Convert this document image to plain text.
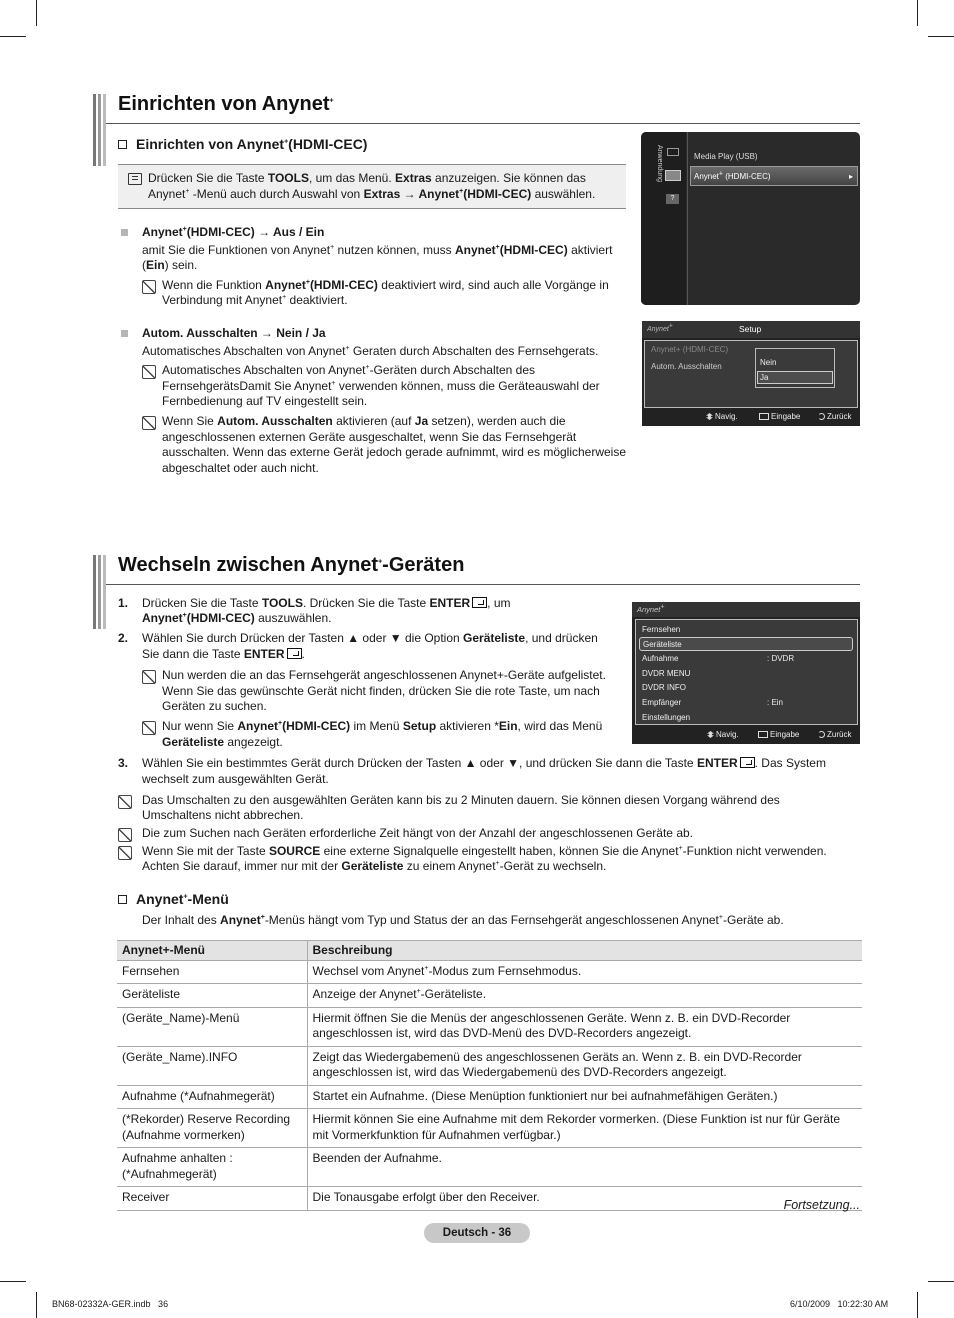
Einrichten von Anynet+
Einrichten von Anynet+(HDMI-CEC)
Drücken Sie die Taste TOOLS, um das Menü. Extras anzuzeigen. Sie können das
Anynet+ -Menü auch durch Auswahl von Extras → Anynet+(HDMI-CEC) auswählen.
Anynet+(HDMI-CEC) → Aus / Ein
amit Sie die Funktionen von Anynet+ nutzen können, muss Anynet+(HDMI-CEC) aktiviert
(Ein) sein.
Wenn die Funktion Anynet+(HDMI-CEC) deaktiviert wird, sind auch alle Vorgänge in
Verbindung mit Anynet+ deaktiviert.
Autom. Ausschalten → Nein / Ja
Automatisches Abschalten von Anynet+ Geraten durch Abschalten des Fernsehgerats.
Automatisches Abschalten von Anynet+-Geräten durch Abschalten des
FernsehgerätsDamit Sie Anynet+ verwenden können, muss die Geräteauswahl der
Fernbedienung auf TV eingestellt sein.
Wenn Sie Autom. Ausschalten aktivieren (auf Ja setzen), werden auch die
angeschlossenen externen Geräte ausgeschaltet, wenn Sie das Fernsehgerät
ausschalten. Wenn das externe Gerät jedoch gerade aufnimmt, wird es möglicherweise
abgeschaltet oder auch nicht.
Anwendung
?
Media Play (USB)
Anynet+ (HDMI-CEC)	▸
Anynet+	Setup
Anynet+ (HDMI-CEC)
Autom. Ausschalten	Nein
Ja
Navig.	Eingabe	Zurück
Wechseln zwischen Anynet+-Geräten
1. Drücken Sie die Taste TOOLS. Drücken Sie die Taste ENTER , um
Anynet+(HDMI-CEC) auszuwählen.
2. Wählen Sie durch Drücken der Tasten ▲ oder ▼ die Option Geräteliste, und drücken
Sie dann die Taste ENTER .
Nun werden die an das Fernsehgerät angeschlossenen Anynet+-Geräte aufgelistet.
Wenn Sie das gewünschte Gerät nicht finden, drücken Sie die rote Taste, um nach
Geräten zu suchen.
Nur wenn Sie Anynet+(HDMI-CEC) im Menü Setup aktivieren *Ein, wird das Menü
Geräteliste angezeigt.
3. Wählen Sie ein bestimmtes Gerät durch Drücken der Tasten ▲ oder ▼, und drücken Sie dann die Taste ENTER . Das System
wechselt zum ausgewählten Gerät.
Das Umschalten zu den ausgewählten Geräten kann bis zu 2 Minuten dauern. Sie können diesen Vorgang während des
Umschaltens nicht abbrechen.
Die zum Suchen nach Geräten erforderliche Zeit hängt von der Anzahl der angeschlossenen Geräte ab.
Wenn Sie mit der Taste SOURCE eine externe Signalquelle eingestellt haben, können Sie die Anynet+-Funktion nicht verwenden.
Achten Sie darauf, immer nur mit der Geräteliste zu einem Anynet+-Gerät zu wechseln.
Anynet+-Menü
Der Inhalt des Anynet+-Menüs hängt vom Typ und Status der an das Fernsehgerät angeschlossenen Anynet+-Geräte ab.
Anynet+
Fernsehen
Geräteliste
Aufnahme	: DVDR
DVDR MENU
DVDR INFO
Empfänger	: Ein
Einstellungen
Navig.	Eingabe	Zurück
Anynet+-Menü	Beschreibung
Fernsehen	Wechsel vom Anynet+-Modus zum Fernsehmodus.
Geräteliste	Anzeige der Anynet+-Geräteliste.
(Geräte_Name)-Menü	Hiermit öffnen Sie die Menüs der angeschlossenen Geräte. Wenn z. B. ein DVD-Recorder angeschlossen ist, wird das DVD-Menü des DVD-Recorders angezeigt.
(Geräte_Name).INFO	Zeigt das Wiedergabemenü des angeschlossenen Geräts an. Wenn z. B. ein DVD-Recorder angeschlossen ist, wird das Wiedergabemenü des DVD-Recorders angezeigt.
Aufnahme (*Aufnahmegerät)	Startet ein Aufnahme. (Diese Menüption funktioniert nur bei aufnahmefähigen Geräten.)
(*Rekorder) Reserve Recording (Aufnahme vormerken)	Hiermit können Sie eine Aufnahme mit dem Rekorder vormerken. (Diese Funktion ist nur für Geräte mit Vormerkfunktion für Aufnahmen verfügbar.)
Aufnahme anhalten : (*Aufnahmegerät)	Beenden der Aufnahme.
Receiver	Die Tonausgabe erfolgt über den Receiver.
Fortsetzung...
Deutsch - 36
BN68-02332A-GER.indb   36	6/10/2009   10:22:30 AM
